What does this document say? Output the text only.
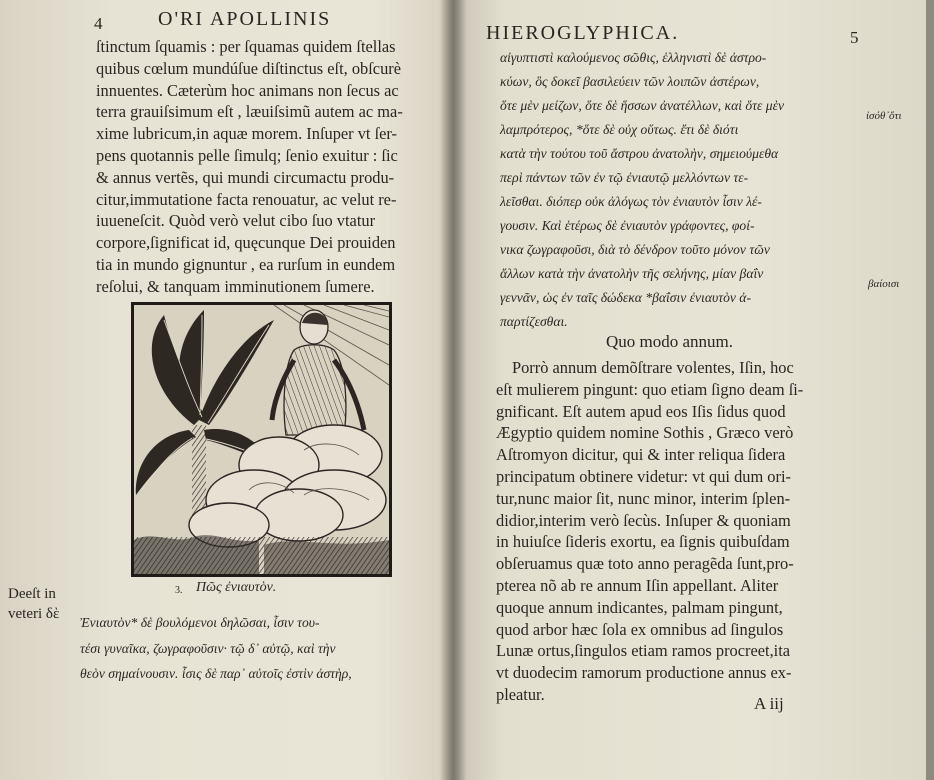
4	O'RI APOLLINIS
ſtinctum ſquamis : per ſquamas quidem ſtellas
quibus cœlum mundúſue diſtinctus eſt, obſcurè
innuentes. Cæterùm hoc animans non ſecus ac
terra grauiſsimum eſt , læuiſsimũ autem ac ma-
xime lubricum,in aquæ morem. Inſuper vt ſer-
pens quotannis pelle ſimulq; ſenio exuitur : ſic
& annus vertẽs, qui mundi circumactu produ-
citur,immutatione facta renouatur, ac velut re-
iuueneſcit. Quòd verò velut cibo ſuo vtatur
corpore,ſignificat id, quęcunque Dei prouiden
tia in mundo gignuntur , ea rurſum in eundem
reſolui, & tanquam imminutionem ſumere.
3. Πῶς ἐνιαυτὸν.
Deeſt in
veteri δὲ
Ἐνιαυτὸν* δὲ βουλόμενοι δηλῶσαι, ἶσιν του-
τέσι γυναῖκα, ζωγραφοῦσιν· τῷ δ᾽ αὐτῷ, καὶ τὴν
θεὸν σημαίνουσιν. ἶσις δὲ παρ᾽ αὐτοῖς ἐστὶν ἀστὴρ,
HIEROGLYPHICA.	5
αἰγυπτιστὶ καλούμενος σῶθις, ἑλληνιστὶ δὲ ἀστρο-
κύων, ὃς δοκεῖ βασιλεύειν τῶν λοιπῶν ἀστέρων,
ὅτε μὲν μείζων, ὅτε δὲ ἥσσων ἀνατέλλων, καὶ ὅτε μὲν
λαμπρότερος, *ὅτε δὲ οὐχ οὕτως. ἔτι δὲ διότι
κατὰ τὴν τούτου τοῦ ἄστρου ἀνατολὴν, σημειούμεθα
περὶ πάντων τῶν ἐν τῷ ἐνιαυτῷ μελλόντων τε-
λεῖσθαι. διόπερ οὐκ ἀλόγως τὸν ἐνιαυτὸν ἶσιν λέ-
γουσιν. Καὶ ἑτέρως δὲ ἐνιαυτὸν γράφοντες, φοί-
νικα ζωγραφοῦσι, διὰ τὸ δένδρον τοῦτο μόνον τῶν
ἄλλων κατὰ τὴν ἀνατολὴν τῆς σελήνης, μίαν βαΐν
γεννᾶν, ὡς ἐν ταῖς δώδεκα *βαΐσιν ἐνιαυτὸν ἀ-
παρτίζεσθαι.
ἰσόθ᾽ὅτι
βαίοισι
Quo modo annum.
Porrò annum demõſtrare volentes, Iſin, hoc
eſt mulierem pingunt: quo etiam ſigno deam ſi-
gnificant. Eſt autem apud eos Iſis ſidus quod
Ægyptio quidem nomine Sothis , Græco verò
Aſtromyon dicitur, qui & inter reliqua ſidera
principatum obtinere videtur: vt qui dum ori-
tur,nunc maior ſit, nunc minor, interim ſplen-
didior,interim verò ſecùs. Inſuper & quoniam
in huiuſce ſideris exortu, ea ſignis quibuſdam
obſeruamus quæ toto anno peragẽda ſunt,pro-
pterea nõ ab re annum Iſin appellant. Aliter
quoque annum indicantes, palmam pingunt,
quod arbor hæc ſola ex omnibus ad ſingulos
Lunæ ortus,ſingulos etiam ramos procreet,ita
vt duodecim ramorum productione annus ex-
pleatur.	A iij
